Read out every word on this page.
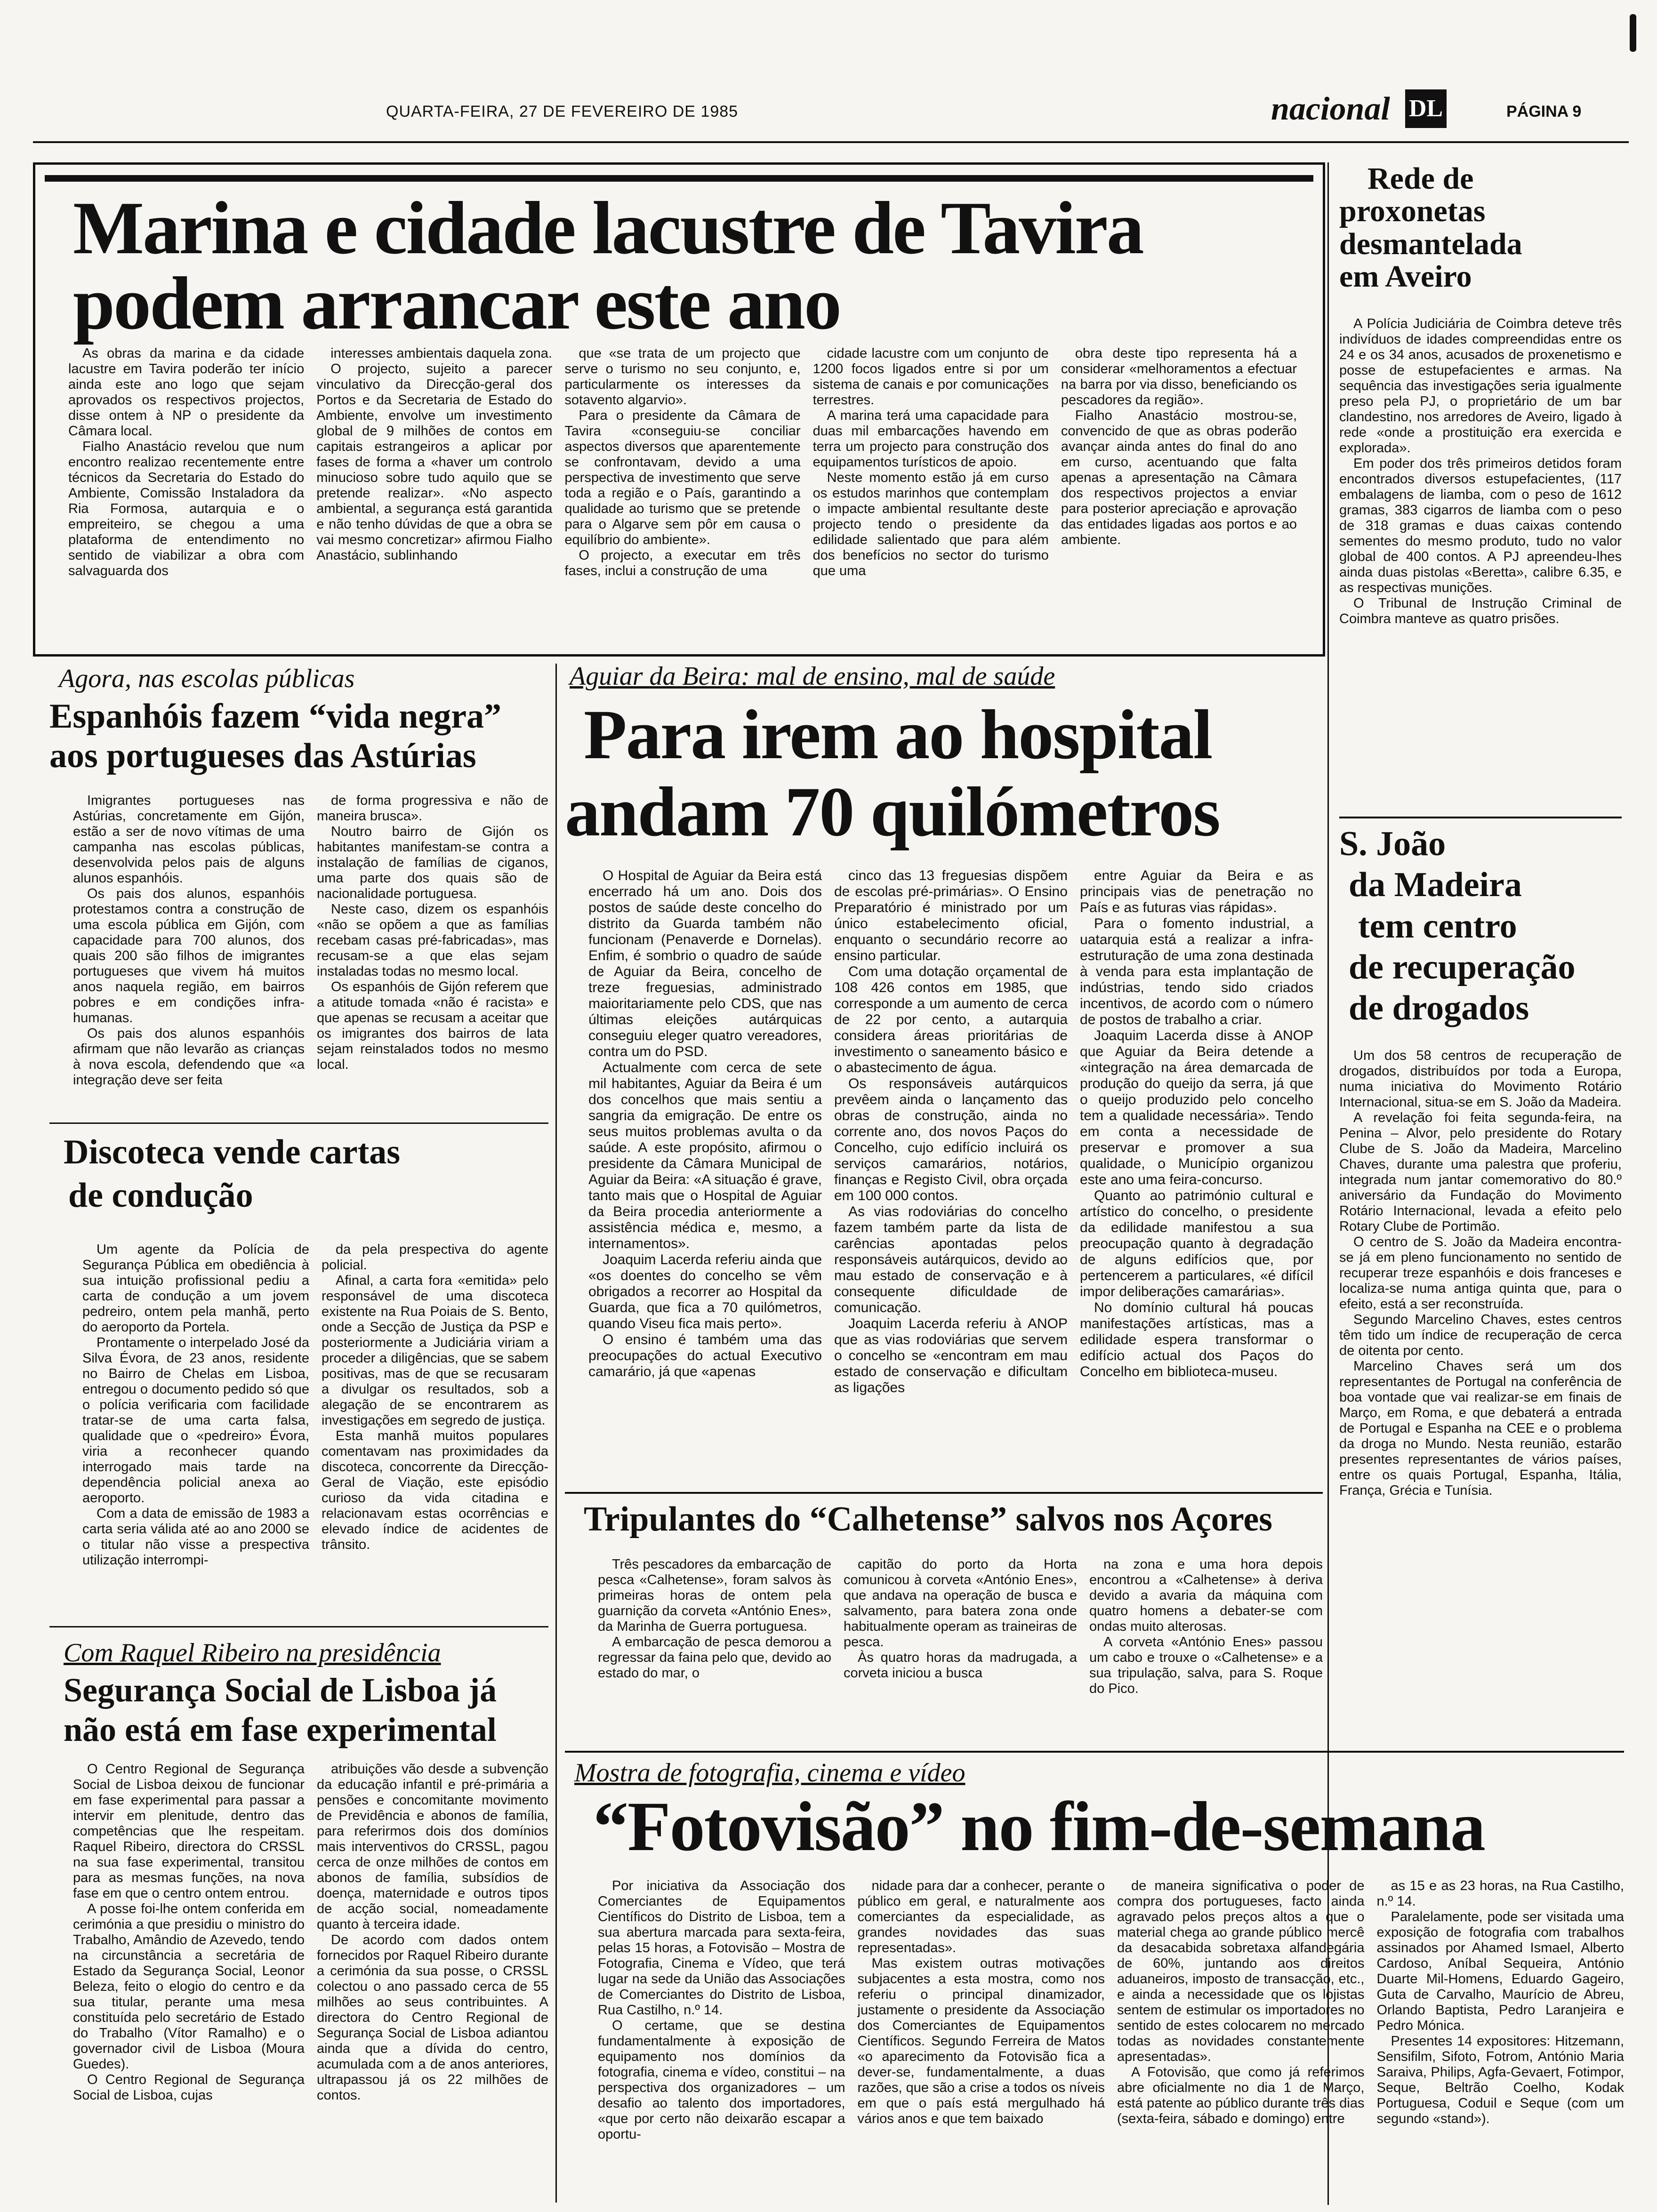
QUARTA-FEIRA, 27 DE FEVEREIRO DE 1985	nacional DL	PÁGINA 9
Marina e cidade lacustre de Tavira
podem arrancar este ano

As obras da marina e da cidade lacustre em Tavira poderão ter início ainda este ano logo que sejam aprovados os respectivos projectos, disse ontem à NP o presidente da Câmara local.

Fialho Anastácio revelou que num encontro realizao recentemente entre técnicos da Secretaria do Estado do Ambiente, Comissão Instaladora da Ria Formosa, autarquia e o empreiteiro, se chegou a uma plataforma de entendimento no sentido de viabilizar a obra com salvaguarda dos

interesses ambientais daquela zona.

O projecto, sujeito a parecer vinculativo da Direcção-geral dos Portos e da Secretaria de Estado do Ambiente, envolve um investimento global de 9 milhões de contos em capitais estrangeiros a aplicar por fases de forma a «haver um controlo minucioso sobre tudo aquilo que se pretende realizar». «No aspecto ambiental, a segurança está garantida e não tenho dúvidas de que a obra se vai mesmo concretizar» afirmou Fialho Anastácio, sublinhando

que «se trata de um projecto que serve o turismo no seu conjunto, e, particularmente os interesses da sotavento algarvio».

Para o presidente da Câmara de Tavira «conseguiu-se conciliar aspectos diversos que aparentemente se confrontavam, devido a uma perspectiva de investimento que serve toda a região e o País, garantindo a qualidade ao turismo que se pretende para o Algarve sem pôr em causa o equilíbrio do ambiente».

O projecto, a executar em três fases, inclui a construção de uma

cidade lacustre com um conjunto de 1200 focos ligados entre si por um sistema de canais e por comunicações terrestres.

A marina terá uma capacidade para duas mil embarcações havendo em terra um projecto para construção dos equipamentos turísticos de apoio.

Neste momento estão já em curso os estudos marinhos que contemplam o impacte ambiental resultante deste projecto tendo o presidente da edilidade salientado que para além dos benefícios no sector do turismo que uma

obra deste tipo representa há a considerar «melhoramentos a efectuar na barra por via disso, beneficiando os pescadores da região».

Fialho Anastácio mostrou-se, convencido de que as obras poderão avançar ainda antes do final do ano em curso, acentuando que falta apenas a apresentação na Câmara dos respectivos projectos a enviar para posterior apreciação e aprovação das entidades ligadas aos portos e ao ambiente.

Rede de
proxonetas
desmantelada
em Aveiro

A Polícia Judiciária de Coimbra deteve três indivíduos de idades compreendidas entre os 24 e os 34 anos, acusados de proxenetismo e posse de estupefacientes e armas. Na sequência das investigações seria igualmente preso pela PJ, o proprietário de um bar clandestino, nos arredores de Aveiro, ligado à rede «onde a prostituição era exercida e explorada».

Em poder dos três primeiros detidos foram encontrados diversos estupefacientes, (117 embalagens de liamba, com o peso de 1612 gramas, 383 cigarros de liamba com o peso de 318 gramas e duas caixas contendo sementes do mesmo produto, tudo no valor global de 400 contos. A PJ apreendeu-lhes ainda duas pistolas «Beretta», calibre 6.35, e as respectivas munições.

O Tribunal de Instrução Criminal de Coimbra manteve as quatro prisões.

S. João
da Madeira
tem centro
de recuperação
de drogados

Um dos 58 centros de recuperação de drogados, distribuídos por toda a Europa, numa iniciativa do Movimento Rotário Internacional, situa-se em S. João da Madeira.

A revelação foi feita segunda-feira, na Penina – Alvor, pelo presidente do Rotary Clube de S. João da Madeira, Marcelino Chaves, durante uma palestra que proferiu, integrada num jantar comemorativo do 80.º aniversário da Fundação do Movimento Rotário Internacional, levada a efeito pelo Rotary Clube de Portimão.

O centro de S. João da Madeira encontra-se já em pleno funcionamento no sentido de recuperar treze espanhóis e dois franceses e localiza-se numa antiga quinta que, para o efeito, está a ser reconstruída.

Segundo Marcelino Chaves, estes centros têm tido um índice de recuperação de cerca de oitenta por cento.

Marcelino Chaves será um dos representantes de Portugal na conferência de boa vontade que vai realizar-se em finais de Março, em Roma, e que debaterá a entrada de Portugal e Espanha na CEE e o problema da droga no Mundo. Nesta reunião, estarão presentes representantes de vários países, entre os quais Portugal, Espanha, Itália, França, Grécia e Tunísia.

Agora, nas escolas públicas
Espanhóis fazem “vida negra”
aos portugueses das Astúrias

Imigrantes portugueses nas Astúrias, concretamente em Gijón, estão a ser de novo vítimas de uma campanha nas escolas públicas, desenvolvida pelos pais de alguns alunos espanhóis.

Os pais dos alunos, espanhóis protestamos contra a construção de uma escola pública em Gijón, com capacidade para 700 alunos, dos quais 200 são filhos de imigrantes portugueses que vivem há muitos anos naquela região, em bairros pobres e em condições infra-humanas.

Os pais dos alunos espanhóis afirmam que não levarão as crianças à nova escola, defendendo que «a integração deve ser feita

de forma progressiva e não de maneira brusca».

Noutro bairro de Gijón os habitantes manifestam-se contra a instalação de famílias de ciganos, uma parte dos quais são de nacionalidade portuguesa.

Neste caso, dizem os espanhóis «não se opõem a que as famílias recebam casas pré-fabricadas», mas recusam-se a que elas sejam instaladas todas no mesmo local.

Os espanhóis de Gijón referem que a atitude tomada «não é racista» e que apenas se recusam a aceitar que os imigrantes dos bairros de lata sejam reinstalados todos no mesmo local.

Discoteca vende cartas
de condução

Um agente da Polícia de Segurança Pública em obediência à sua intuição profissional pediu a carta de condução a um jovem pedreiro, ontem pela manhã, perto do aeroporto da Portela.

Prontamente o interpelado José da Silva Évora, de 23 anos, residente no Bairro de Chelas em Lisboa, entregou o documento pedido só que o polícia verificaria com facilidade tratar-se de uma carta falsa, qualidade que o «pedreiro» Évora, viria a reconhecer quando interrogado mais tarde na dependência policial anexa ao aeroporto.

Com a data de emissão de 1983 a carta seria válida até ao ano 2000 se o titular não visse a prespectiva utilização interrompi-

da pela prespectiva do agente policial.

Afinal, a carta fora «emitida» pelo responsável de uma discoteca existente na Rua Poiais de S. Bento, onde a Secção de Justiça da PSP e posteriormente a Judiciária viriam a proceder a diligências, que se sabem positivas, mas de que se recusaram a divulgar os resultados, sob a alegação de se encontrarem as investigações em segredo de justiça.

Esta manhã muitos populares comentavam nas proximidades da discoteca, concorrente da Direcção-Geral de Viação, este episódio curioso da vida citadina e relacionavam estas ocorrências e elevado índice de acidentes de trânsito.

Com Raquel Ribeiro na presidência
Segurança Social de Lisboa já
não está em fase experimental

O Centro Regional de Segurança Social de Lisboa deixou de funcionar em fase experimental para passar a intervir em plenitude, dentro das competências que lhe respeitam. Raquel Ribeiro, directora do CRSSL na sua fase experimental, transitou para as mesmas funções, na nova fase em que o centro ontem entrou.

A posse foi-lhe ontem conferida em cerimónia a que presidiu o ministro do Trabalho, Amândio de Azevedo, tendo na circunstância a secretária de Estado da Segurança Social, Leonor Beleza, feito o elogio do centro e da sua titular, perante uma mesa constituída pelo secretário de Estado do Trabalho (Vítor Ramalho) e o governador civil de Lisboa (Moura Guedes).

O Centro Regional de Segurança Social de Lisboa, cujas

atribuições vão desde a subvenção da educação infantil e pré-primária a pensões e concomitante movimento de Previdência e abonos de família, para referirmos dois dos domínios mais interventivos do CRSSL, pagou cerca de onze milhões de contos em abonos de família, subsídios de doença, maternidade e outros tipos de acção social, nomeadamente quanto à terceira idade.

De acordo com dados ontem fornecidos por Raquel Ribeiro durante a cerimónia da sua posse, o CRSSL colectou o ano passado cerca de 55 milhões ao seus contribuintes. A directora do Centro Regional de Segurança Social de Lisboa adiantou ainda que a dívida do centro, acumulada com a de anos anteriores, ultrapassou já os 22 milhões de contos.

Aguiar da Beira: mal de ensino, mal de saúde
Para irem ao hospital
andam 70 quilómetros

O Hospital de Aguiar da Beira está encerrado há um ano. Dois dos postos de saúde deste concelho do distrito da Guarda também não funcionam (Penaverde e Dornelas). Enfim, é sombrio o quadro de saúde de Aguiar da Beira, concelho de treze freguesias, administrado maioritariamente pelo CDS, que nas últimas eleições autárquicas conseguiu eleger quatro vereadores, contra um do PSD.

Actualmente com cerca de sete mil habitantes, Aguiar da Beira é um dos concelhos que mais sentiu a sangria da emigração. De entre os seus muitos problemas avulta o da saúde. A este propósito, afirmou o presidente da Câmara Municipal de Aguiar da Beira: «A situação é grave, tanto mais que o Hospital de Aguiar da Beira procedia anteriormente a assistência médica e, mesmo, a internamentos».

Joaquim Lacerda referiu ainda que «os doentes do concelho se vêm obrigados a recorrer ao Hospital da Guarda, que fica a 70 quilómetros, quando Viseu fica mais perto».

O ensino é também uma das preocupações do actual Executivo camarário, já que «apenas

cinco das 13 freguesias dispõem de escolas pré-primárias». O Ensino Preparatório é ministrado por um único estabelecimento oficial, enquanto o secundário recorre ao ensino particular.

Com uma dotação orçamental de 108 426 contos em 1985, que corresponde a um aumento de cerca de 22 por cento, a autarquia considera áreas prioritárias de investimento o saneamento básico e o abastecimento de água.

Os responsáveis autárquicos prevêem ainda o lançamento das obras de construção, ainda no corrente ano, dos novos Paços do Concelho, cujo edifício incluirá os serviços camarários, notários, finanças e Registo Civil, obra orçada em 100 000 contos.

As vias rodoviárias do concelho fazem também parte da lista de carências apontadas pelos responsáveis autárquicos, devido ao mau estado de conservação e à consequente dificuldade de comunicação.

Joaquim Lacerda referiu à ANOP que as vias rodoviárias que servem o concelho se «encontram em mau estado de conservação e dificultam as ligações

entre Aguiar da Beira e as principais vias de penetração no País e as futuras vias rápidas».

Para o fomento industrial, a uatarquia está a realizar a infra-estruturação de uma zona destinada à venda para esta implantação de indústrias, tendo sido criados incentivos, de acordo com o número de postos de trabalho a criar.

Joaquim Lacerda disse à ANOP que Aguiar da Beira detende a «integração na área demarcada de produção do queijo da serra, já que o queijo produzido pelo concelho tem a qualidade necessária». Tendo em conta a necessidade de preservar e promover a sua qualidade, o Município organizou este ano uma feira-concurso.

Quanto ao património cultural e artístico do concelho, o presidente da edilidade manifestou a sua preocupação quanto à degradação de alguns edifícios que, por pertencerem a particulares, «é difícil impor deliberações camarárias».

No domínio cultural há poucas manifestações artísticas, mas a edilidade espera transformar o edifício actual dos Paços do Concelho em biblioteca-museu.

Tripulantes do “Calhetense” salvos nos Açores

Três pescadores da embarcação de pesca «Calhetense», foram salvos às primeiras horas de ontem pela guarnição da corveta «António Enes», da Marinha de Guerra portuguesa.

A embarcação de pesca demorou a regressar da faina pelo que, devido ao estado do mar, o

capitão do porto da Horta comunicou à corveta «António Enes», que andava na operação de busca e salvamento, para batera zona onde habitualmente operam as traineiras de pesca.

Às quatro horas da madrugada, a corveta iniciou a busca

na zona e uma hora depois encontrou a «Calhetense» à deriva devido a avaria da máquina com quatro homens a debater-se com ondas muito alterosas.

A corveta «António Enes» passou um cabo e trouxe o «Calhetense» e a sua tripulação, salva, para S. Roque do Pico.

Mostra de fotografia, cinema e vídeo
“Fotovisão” no fim-de-semana

Por iniciativa da Associação dos Comerciantes de Equipamentos Científicos do Distrito de Lisboa, tem a sua abertura marcada para sexta-feira, pelas 15 horas, a Fotovisão – Mostra de Fotografia, Cinema e Vídeo, que terá lugar na sede da União das Associações de Comerciantes do Distrito de Lisboa, Rua Castilho, n.º 14.

O certame, que se destina fundamentalmente à exposição de equipamento nos domínios da fotografia, cinema e vídeo, constitui – na perspectiva dos organizadores – um desafio ao talento dos importadores, «que por certo não deixarão escapar a oportu-

nidade para dar a conhecer, perante o público em geral, e naturalmente aos comerciantes da especialidade, as grandes novidades das suas representadas».

Mas existem outras motivações subjacentes a esta mostra, como nos referiu o principal dinamizador, justamente o presidente da Associação dos Comerciantes de Equipamentos Científicos. Segundo Ferreira de Matos «o aparecimento da Fotovisão fica a dever-se, fundamentalmente, a duas razões, que são a crise a todos os níveis em que o país está mergulhado há vários anos e que tem baixado

de maneira significativa o poder de compra dos portugueses, facto ainda agravado pelos preços altos a que o material chega ao grande público mercê da desacabida sobretaxa alfandegária de 60%, juntando aos direitos aduaneiros, imposto de transacção, etc., e ainda a necessidade que os lojistas sentem de estimular os importadores no sentido de estes colocarem no mercado todas as novidades constantemente apresentadas».

A Fotovisão, que como já referimos abre oficialmente no dia 1 de Março, está patente ao público durante três dias (sexta-feira, sábado e domingo) entre

as 15 e as 23 horas, na Rua Castilho, n.º 14.

Paralelamente, pode ser visitada uma exposição de fotografia com trabalhos assinados por Ahamed Ismael, Alberto Cardoso, Aníbal Sequeira, António Duarte Mil-Homens, Eduardo Gageiro, Guta de Carvalho, Maurício de Abreu, Orlando Baptista, Pedro Laranjeira e Pedro Mónica.

Presentes 14 expositores: Hitzemann, Sensifilm, Sifoto, Fotrom, António Maria Saraiva, Philips, Agfa-Gevaert, Fotimpor, Seque, Beltrão Coelho, Kodak Portuguesa, Coduil e Seque (com um segundo «stand»).
